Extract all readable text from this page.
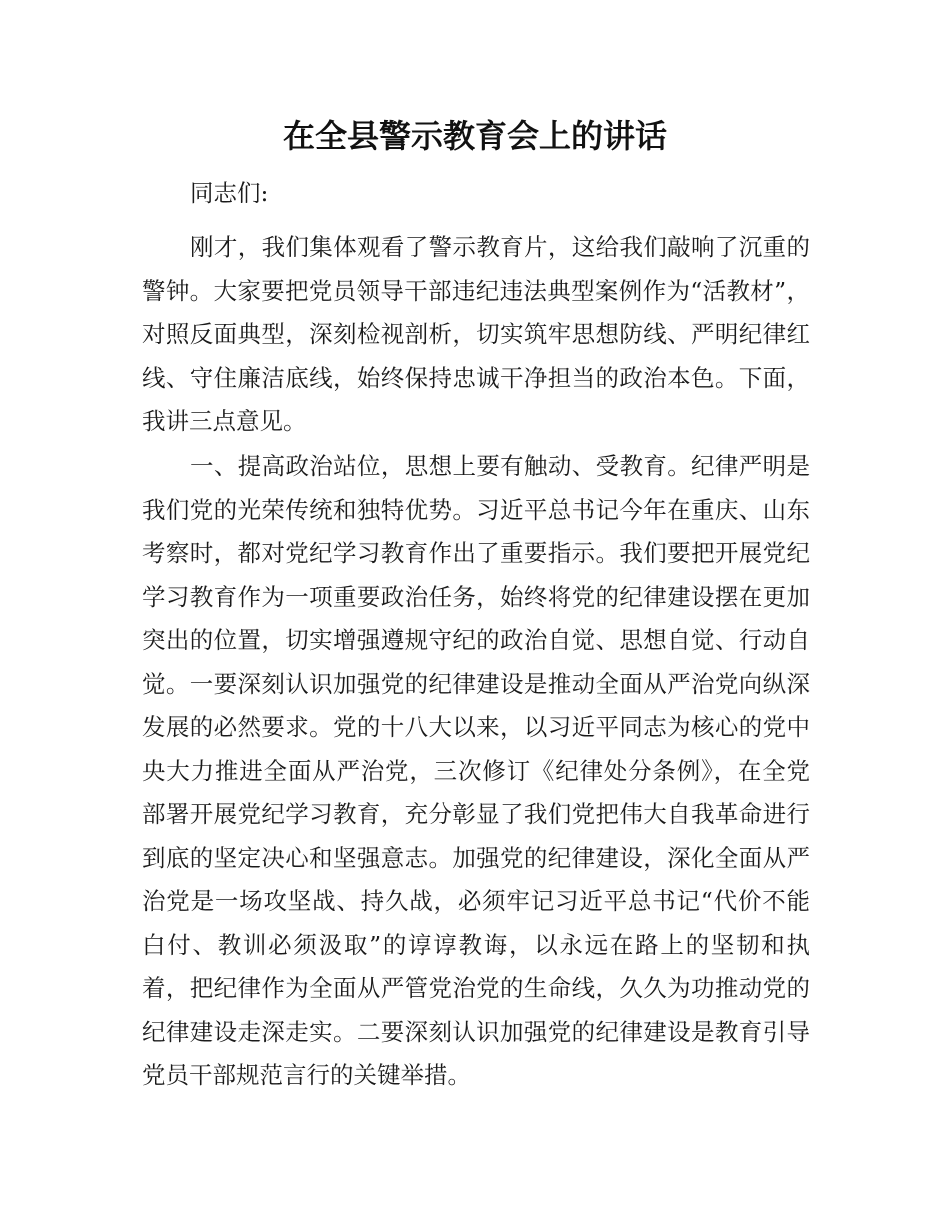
在全县警示教育会上的讲话

同志们:

刚才，我们集体观看了警示教育片，这给我们敲响了沉重的警钟。大家要把党员领导干部违纪违法典型案例作为“活教材”，对照反面典型，深刻检视剖析，切实筑牢思想防线、严明纪律红线、守住廉洁底线，始终保持忠诚干净担当的政治本色。下面，我讲三点意见。

一、提高政治站位，思想上要有触动、受教育。纪律严明是我们党的光荣传统和独特优势。习近平总书记今年在重庆、山东考察时，都对党纪学习教育作出了重要指示。我们要把开展党纪学习教育作为一项重要政治任务，始终将党的纪律建设摆在更加突出的位置，切实增强遵规守纪的政治自觉、思想自觉、行动自觉。一要深刻认识加强党的纪律建设是推动全面从严治党向纵深发展的必然要求。党的十八大以来，以习近平同志为核心的党中央大力推进全面从严治党，三次修订《纪律处分条例》，在全党部署开展党纪学习教育，充分彰显了我们党把伟大自我革命进行到底的坚定决心和坚强意志。加强党的纪律建设，深化全面从严治党是一场攻坚战、持久战，必须牢记习近平总书记“代价不能白付、教训必须汲取”的谆谆教诲，以永远在路上的坚韧和执着，把纪律作为全面从严管党治党的生命线，久久为功推动党的纪律建设走深走实。二要深刻认识加强党的纪律建设是教育引导党员干部规范言行的关键举措。
